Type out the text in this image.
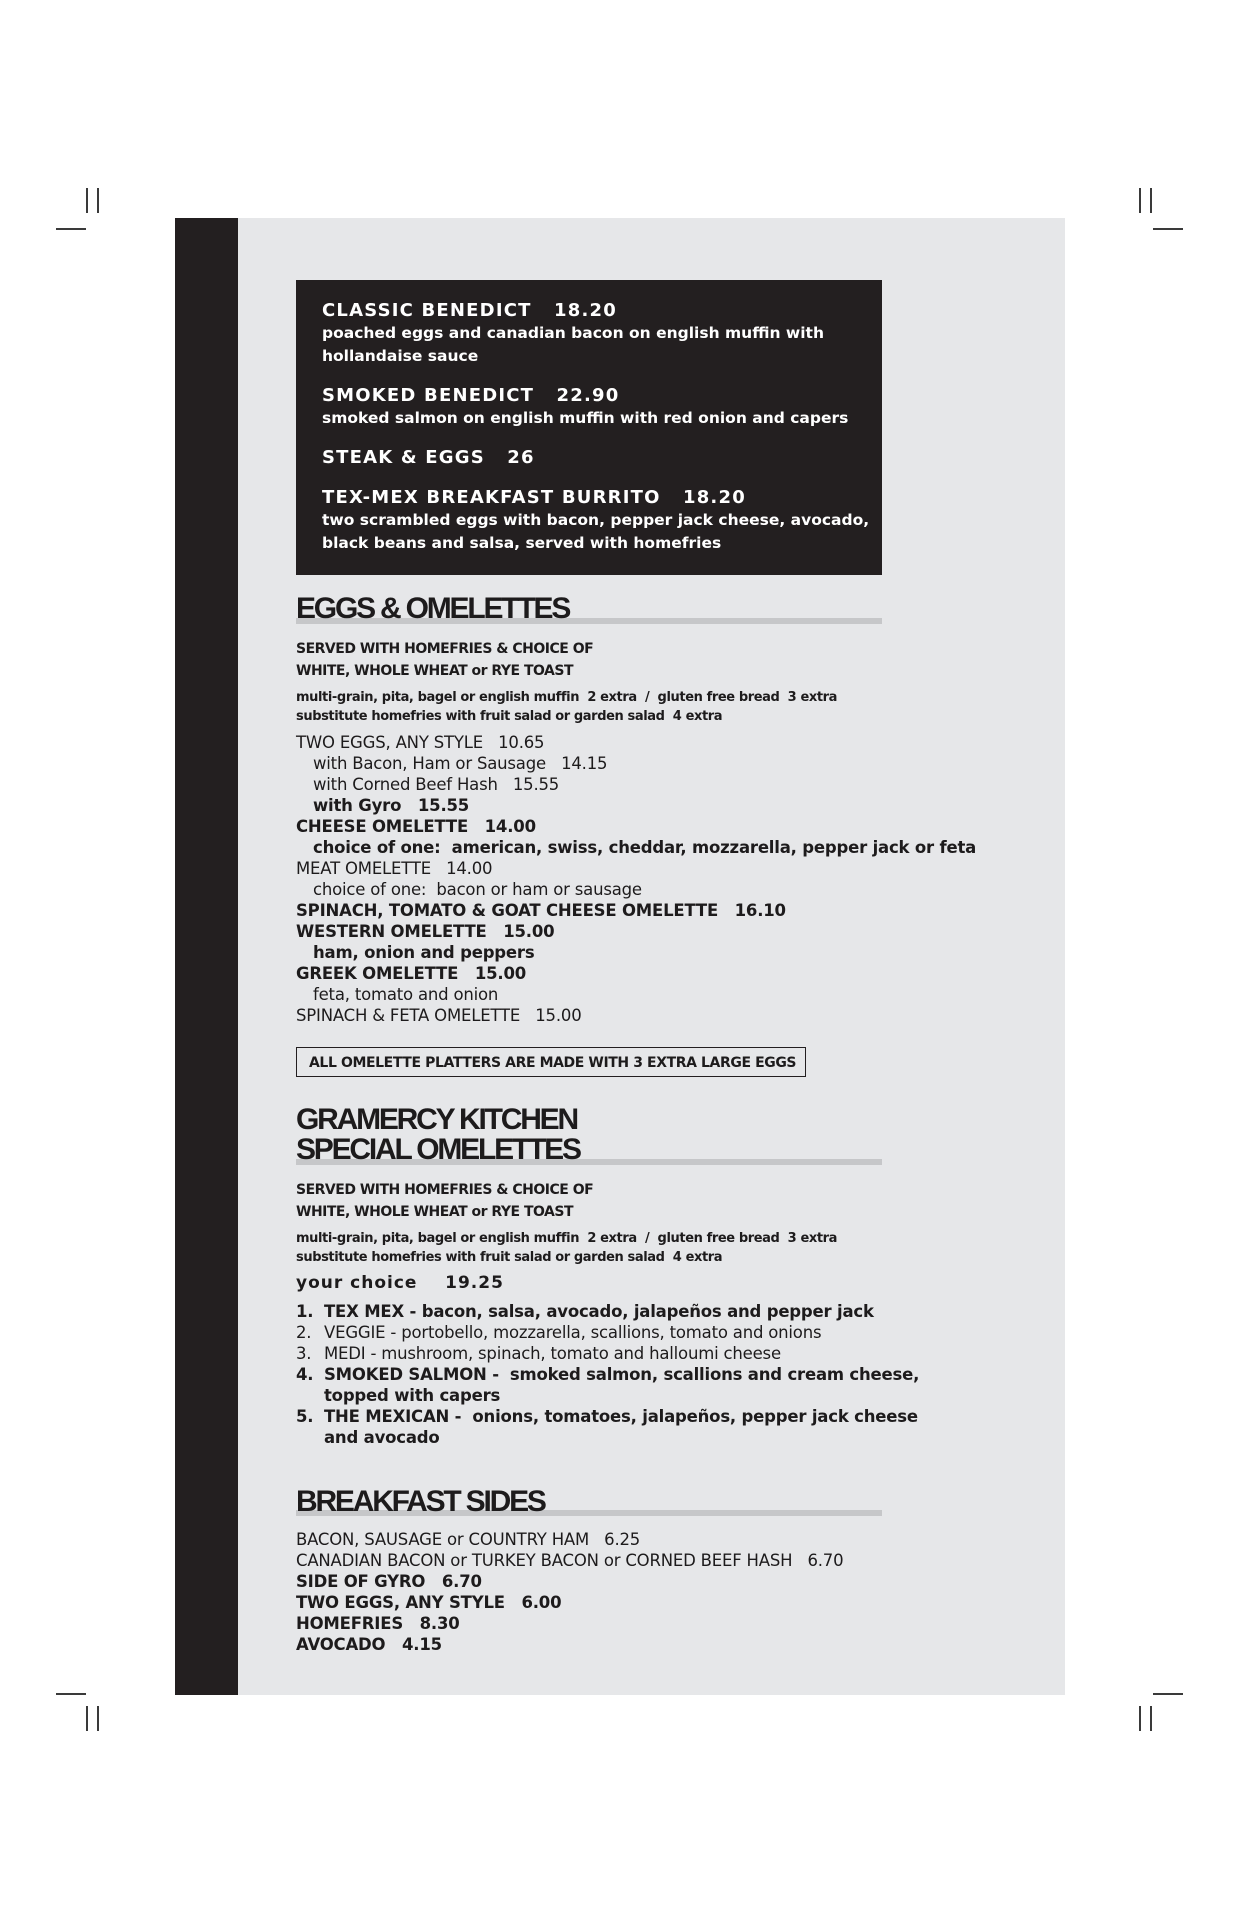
CLASSIC BENEDICT 18.20
poached eggs and canadian bacon on english muffin with
hollandaise sauce
SMOKED BENEDICT 22.90
smoked salmon on english muffin with red onion and capers
STEAK & EGGS 26
TEX-MEX BREAKFAST BURRITO 18.20
two scrambled eggs with bacon, pepper jack cheese, avocado,
black beans and salsa, served with homefries
EGGS & OMELETTES
SERVED WITH HOMEFRIES & CHOICE OF
WHITE, WHOLE WHEAT or RYE TOAST
multi-grain, pita, bagel or english muffin  2 extra  /  gluten free bread  3 extra
substitute homefries with fruit salad or garden salad  4 extra
TWO EGGS, ANY STYLE   10.65
with Bacon, Ham or Sausage   14.15
with Corned Beef Hash   15.55
with Gyro   15.55
CHEESE OMELETTE   14.00
choice of one:  american, swiss, cheddar, mozzarella, pepper jack or feta
MEAT OMELETTE   14.00
choice of one:  bacon or ham or sausage
SPINACH, TOMATO & GOAT CHEESE OMELETTE   16.10
WESTERN OMELETTE   15.00
ham, onion and peppers
GREEK OMELETTE   15.00
feta, tomato and onion
SPINACH & FETA OMELETTE   15.00
ALL OMELETTE PLATTERS ARE MADE WITH 3 EXTRA LARGE EGGS
GRAMERCY KITCHEN
SPECIAL OMELETTES
SERVED WITH HOMEFRIES & CHOICE OF
WHITE, WHOLE WHEAT or RYE TOAST
multi-grain, pita, bagel or english muffin  2 extra  /  gluten free bread  3 extra
substitute homefries with fruit salad or garden salad  4 extra
your choice    19.25
1. TEX MEX - bacon, salsa, avocado, jalapeños and pepper jack
2. VEGGIE - portobello, mozzarella, scallions, tomato and onions
3. MEDI - mushroom, spinach, tomato and halloumi cheese
4. SMOKED SALMON -  smoked salmon, scallions and cream cheese,
topped with capers
5. THE MEXICAN -  onions, tomatoes, jalapeños, pepper jack cheese
and avocado
BREAKFAST SIDES
BACON, SAUSAGE or COUNTRY HAM   6.25
CANADIAN BACON or TURKEY BACON or CORNED BEEF HASH   6.70
SIDE OF GYRO   6.70
TWO EGGS, ANY STYLE   6.00
HOMEFRIES   8.30
AVOCADO   4.15
